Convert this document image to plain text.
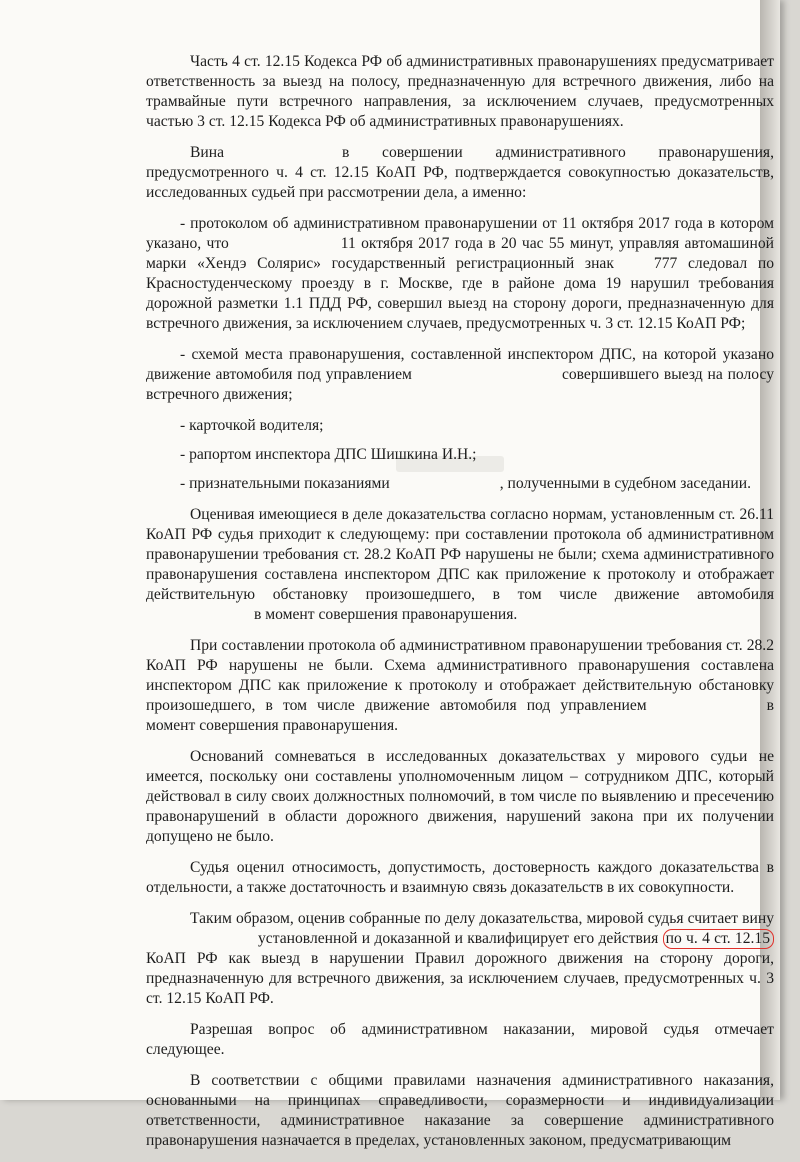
Часть 4 ст. 12.15 Кодекса РФ об административных правонарушениях предусматривает ответственность за выезд на полосу, предназначенную для встречного движения, либо на трамвайные пути встречного направления, за исключением случаев, предусмотренных частью 3 ст. 12.15 Кодекса РФ об административных правонарушениях.

Вина	в совершении административного правонарушения, предусмотренного ч. 4 ст. 12.15 КоАП РФ, подтверждается совокупностью доказательств, исследованных судьей при рассмотрении дела, а именно:

- протоколом об административном правонарушении от 11 октября 2017 года в котором указано, что	11 октября 2017 года в 20 час 55 минут, управляя автомашиной марки «Хендэ Солярис» государственный регистрационный знак	777 следовал по Красностуденческому проезду в г. Москве, где в районе дома 19 нарушил требования дорожной разметки 1.1 ПДД РФ, совершил выезд на сторону дороги, предназначенную для встречного движения, за исключением случаев, предусмотренных ч. 3 ст. 12.15 КоАП РФ;

- схемой места правонарушения, составленной инспектором ДПС, на которой указано движение автомобиля под управлением	совершившего выезд на полосу встречного движения;

- карточкой водителя;

- рапортом инспектора ДПС Шишкина И.Н.;

- признательными показаниями	, полученными в судебном заседании.

Оценивая имеющиеся в деле доказательства согласно нормам, установленным ст. 26.11 КоАП РФ судья приходит к следующему: при составлении протокола об административном правонарушении требования ст. 28.2 КоАП РФ нарушены не были; схема административного правонарушения составлена инспектором ДПС как приложение к протоколу и отображает действительную обстановку произошедшего, в том числе движение автомобиляв момент совершения правонарушения.

При составлении протокола об административном правонарушении требования ст. 28.2 КоАП РФ нарушены не были. Схема административного правонарушения составлена инспектором ДПС как приложение к протоколу и отображает действительную обстановку произошедшего, в том числе движение автомобиля под управлением	в момент совершения правонарушения.

Оснований сомневаться в исследованных доказательствах у мирового судьи не имеется, поскольку они составлены уполномоченным лицом – сотрудником ДПС, который действовал в силу своих должностных полномочий, в том числе по выявлению и пресечению правонарушений в области дорожного движения, нарушений закона при их получении допущено не было.

Судья оценил относимость, допустимость, достоверность каждого доказательства в отдельности, а также достаточность и взаимную связь доказательств в их совокупности.

Таким образом, оценив собранные по делу доказательства, мировой судья считает винуустановленной и доказанной и квалифицирует его действия по ч. 4 ст. 12.15 КоАП РФ как выезд в нарушении Правил дорожного движения на сторону дороги, предназначенную для встречного движения, за исключением случаев, предусмотренных ч. 3 ст. 12.15 КоАП РФ.

Разрешая вопрос об административном наказании, мировой судья отмечает следующее.

В соответствии с общими правилами назначения административного наказания, основанными на принципах справедливости, соразмерности и индивидуализации ответственности, административное наказание за совершение административного правонарушения назначается в пределах, установленных законом, предусматривающим
